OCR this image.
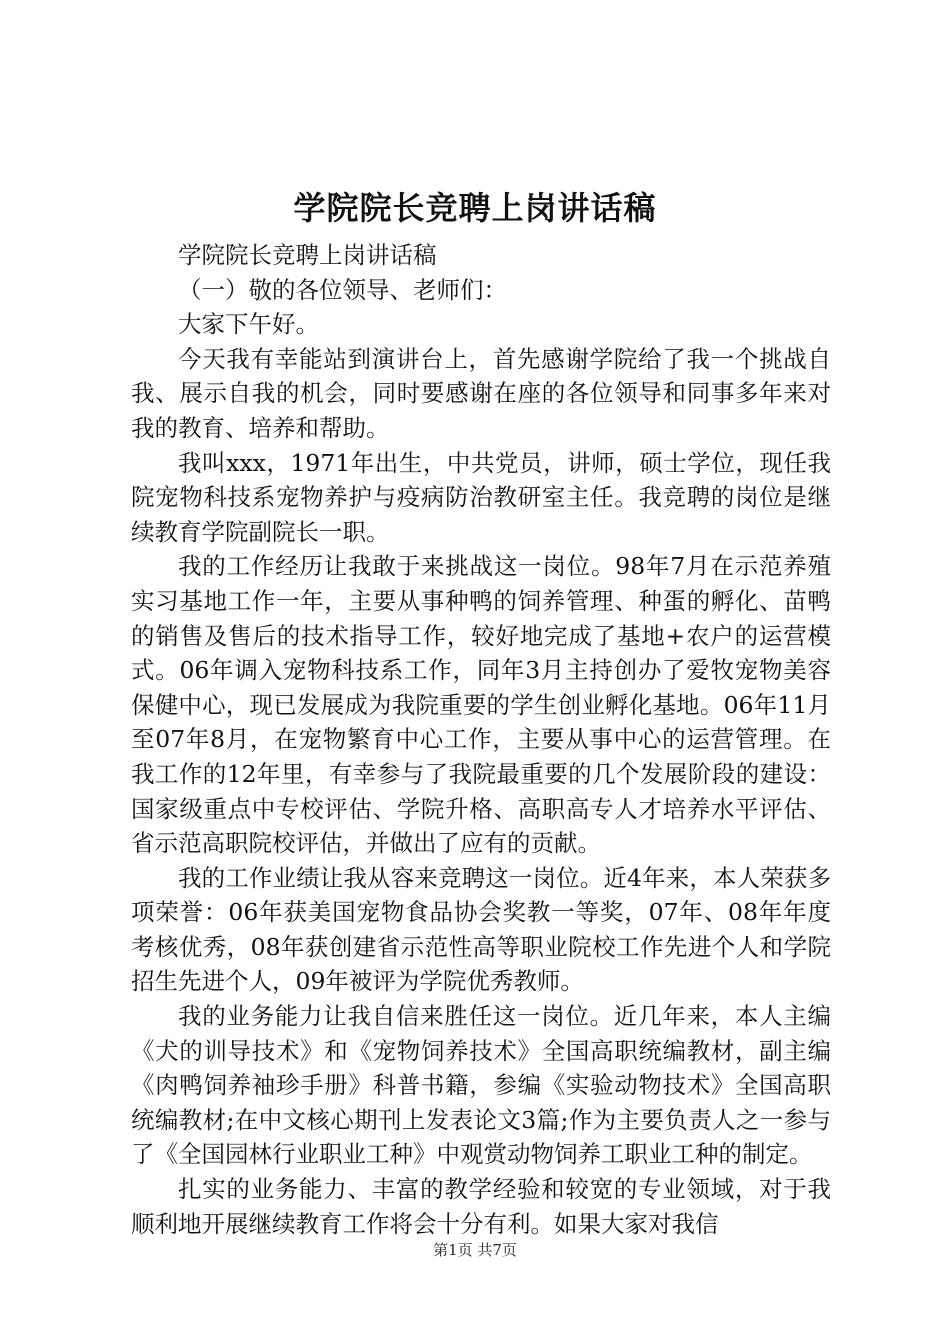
学院院长竞聘上岗讲话稿

学院院长竞聘上岗讲话稿

（一）敬的各位领导、老师们：

大家下午好。

今天我有幸能站到演讲台上，首先感谢学院给了我一个挑战自我、展示自我的机会，同时要感谢在座的各位领导和同事多年来对我的教育、培养和帮助。

我叫xxx，1971年出生，中共党员，讲师，硕士学位，现任我院宠物科技系宠物养护与疫病防治教研室主任。我竞聘的岗位是继续教育学院副院长一职。

我的工作经历让我敢于来挑战这一岗位。98年7月在示范养殖实习基地工作一年，主要从事种鸭的饲养管理、种蛋的孵化、苗鸭的销售及售后的技术指导工作，较好地完成了基地+农户的运营模式。06年调入宠物科技系工作，同年3月主持创办了爱牧宠物美容保健中心，现已发展成为我院重要的学生创业孵化基地。06年11月至07年8月，在宠物繁育中心工作，主要从事中心的运营管理。在我工作的12年里，有幸参与了我院最重要的几个发展阶段的建设：国家级重点中专校评估、学院升格、高职高专人才培养水平评估、省示范高职院校评估，并做出了应有的贡献。

我的工作业绩让我从容来竞聘这一岗位。近4年来，本人荣获多项荣誉：06年获美国宠物食品协会奖教一等奖，07年、08年年度考核优秀，08年获创建省示范性高等职业院校工作先进个人和学院招生先进个人，09年被评为学院优秀教师。

我的业务能力让我自信来胜任这一岗位。近几年来，本人主编《犬的训导技术》和《宠物饲养技术》全国高职统编教材，副主编《肉鸭饲养袖珍手册》科普书籍，参编《实验动物技术》全国高职统编教材;在中文核心期刊上发表论文3篇;作为主要负责人之一参与了《全国园林行业职业工种》中观赏动物饲养工职业工种的制定。

扎实的业务能力、丰富的教学经验和较宽的专业领域，对于我顺利地开展继续教育工作将会十分有利。如果大家对我信

第1页 共7页
